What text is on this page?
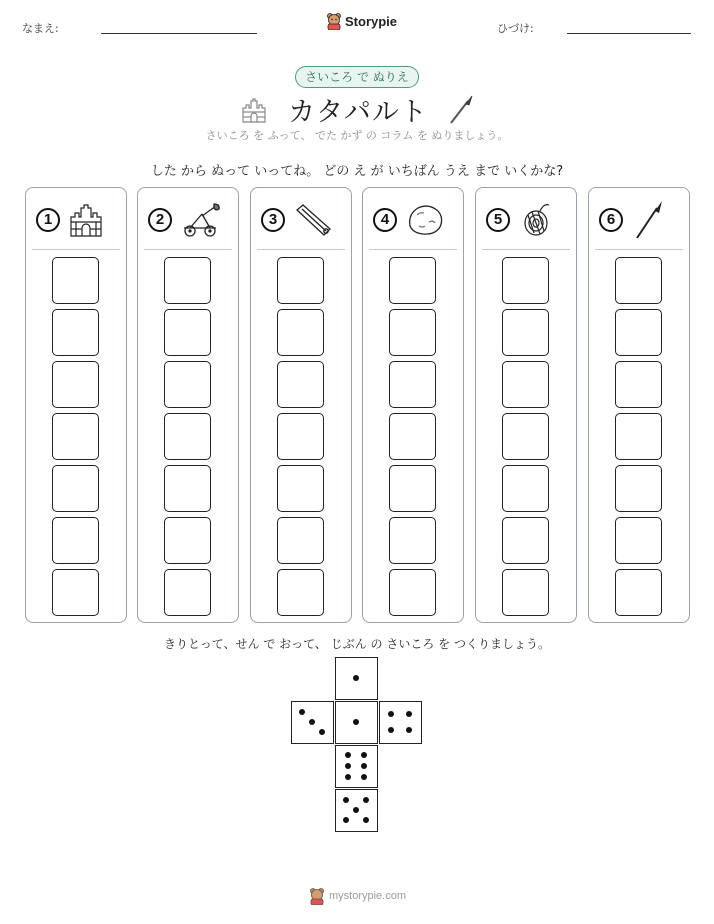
なまえ:	Storypie	ひづけ:
さいころ で ぬりえ
カタパルト
さいころ を ふって、 でた かず の コラム を ぬりましょう。
した から ぬって いってね。 どの え が いちばん うえ まで いくかな?
1	2	3	4	5	6
きりとって、せん で おって、 じぶん の さいころ を つくりましょう。
mystorypie.com
